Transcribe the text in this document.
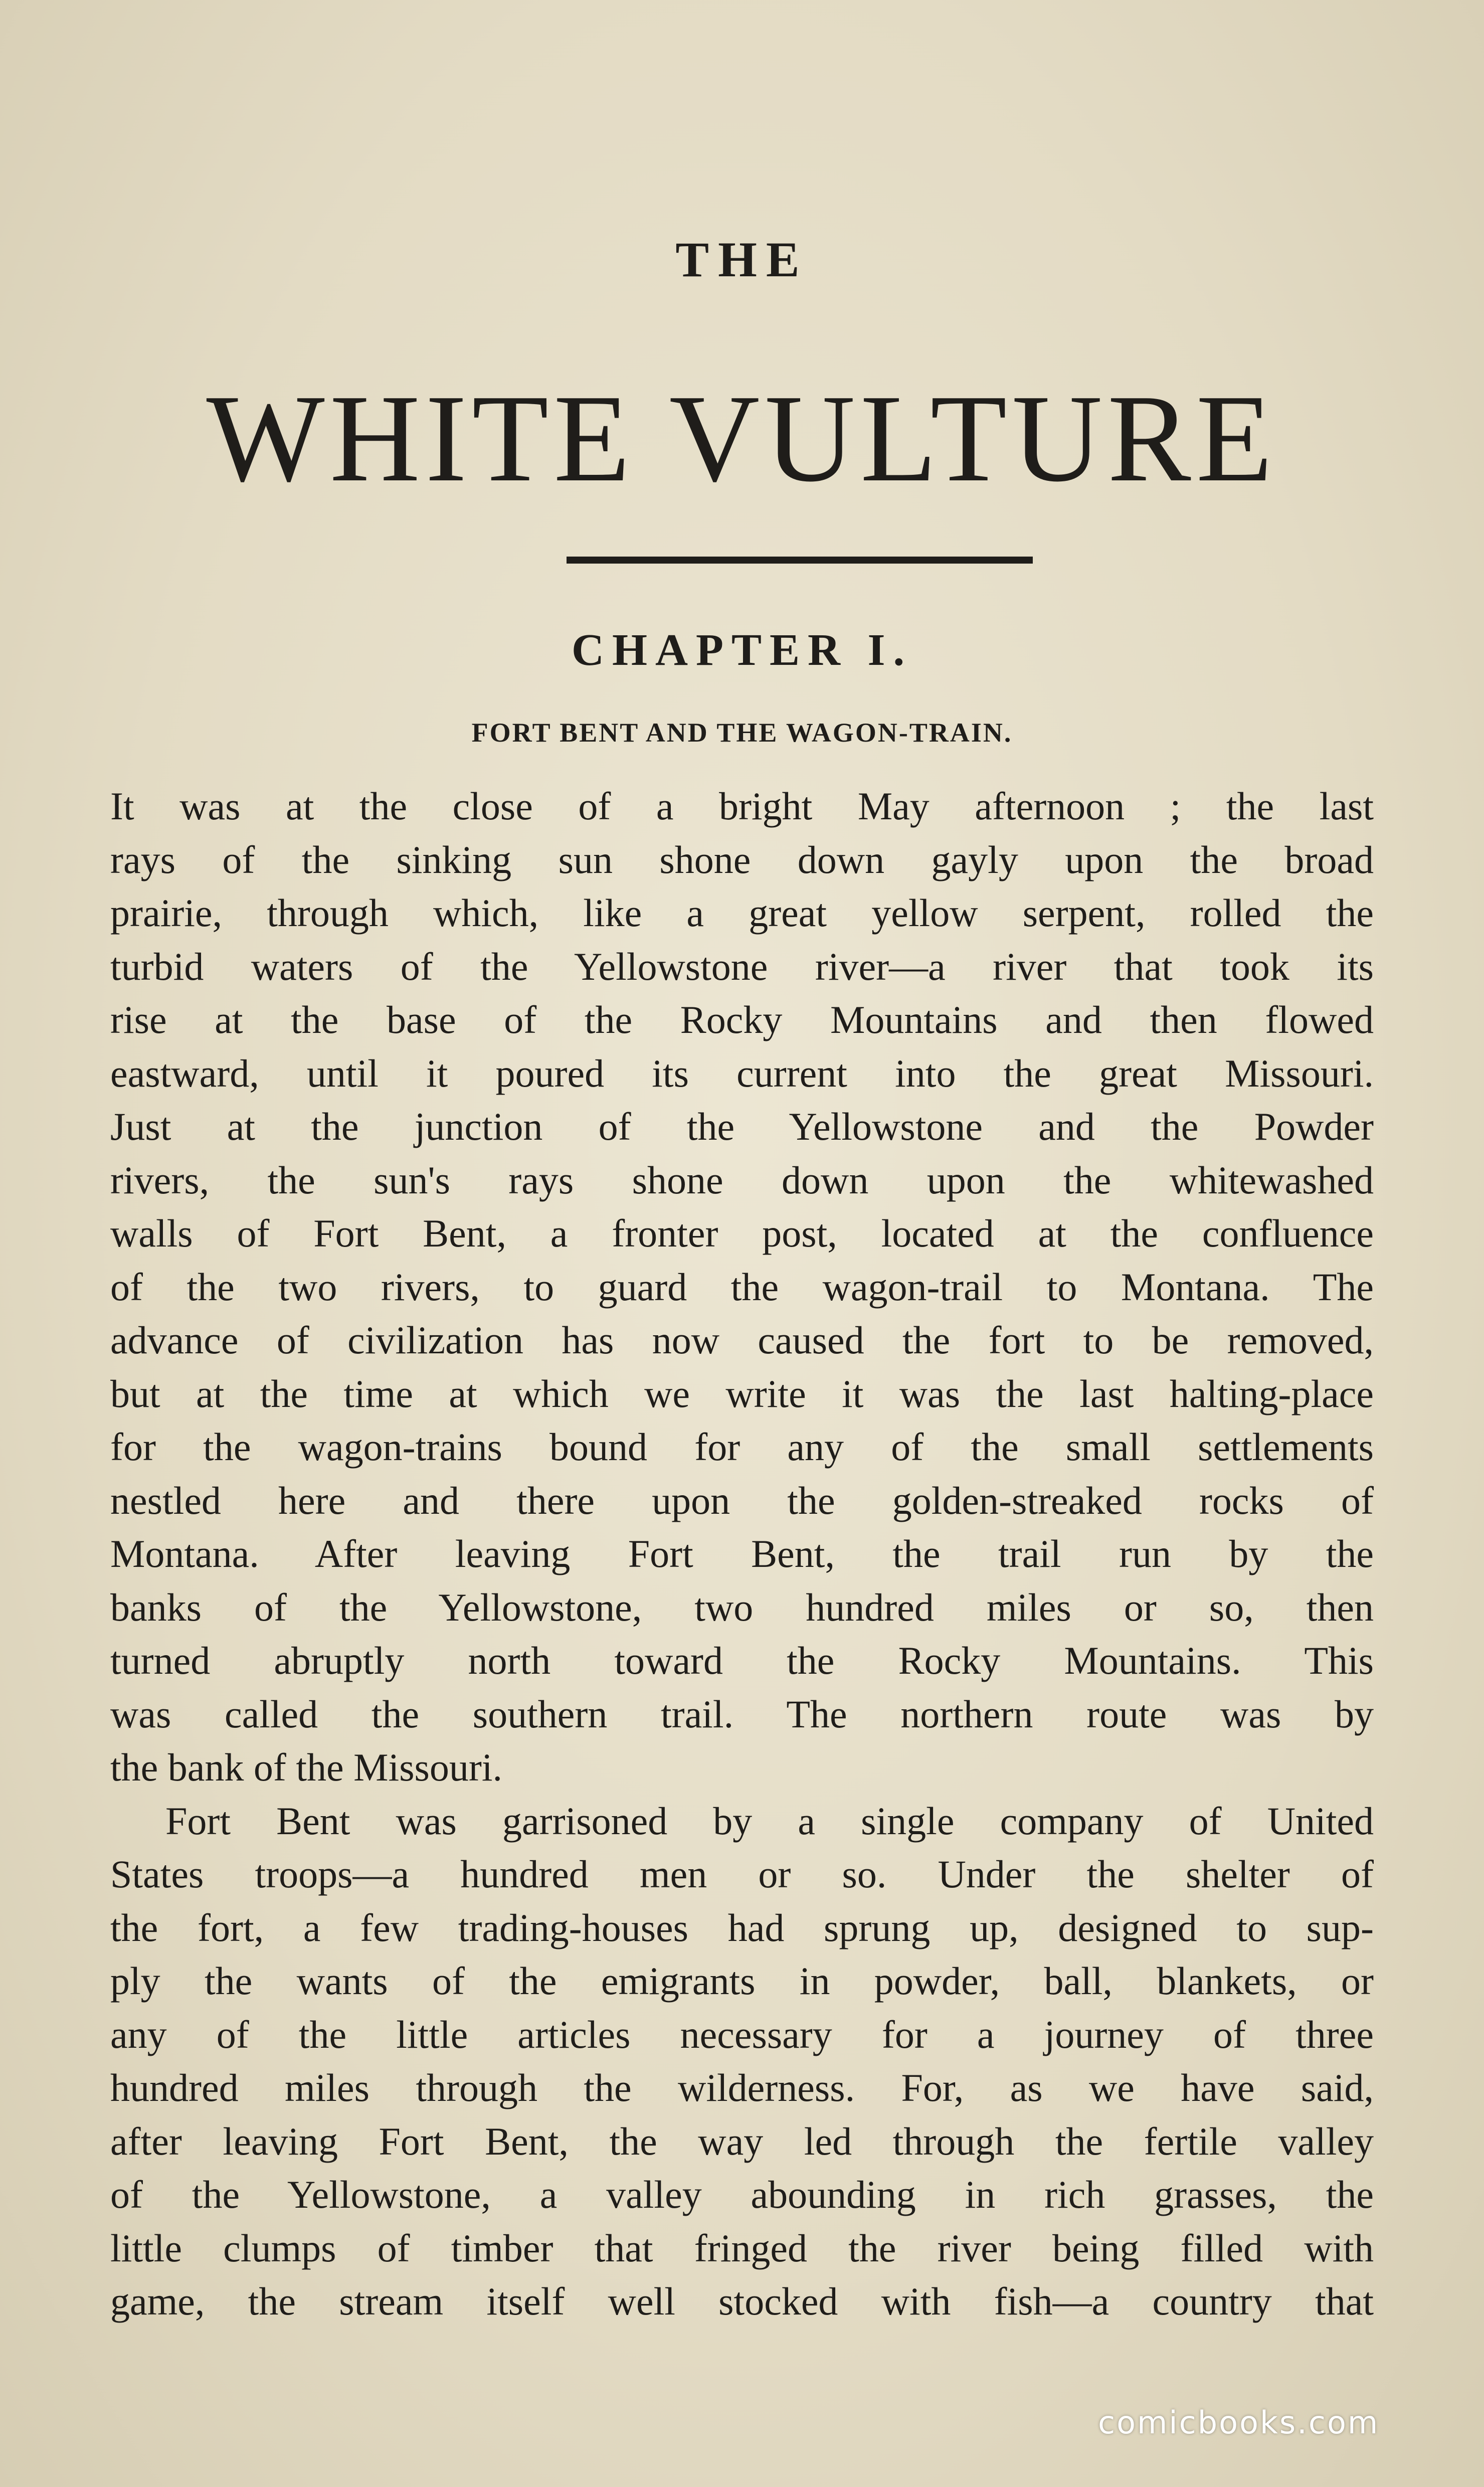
THE
WHITE VULTURE
CHAPTER I.
FORT BENT AND THE WAGON-TRAIN.
It was at the close of a bright May afternoon ; the last
rays of the sinking sun shone down gayly upon the broad
prairie, through which, like a great yellow serpent, rolled the
turbid waters of the Yellowstone river—a river that took its
rise at the base of the Rocky Mountains and then flowed
eastward, until it poured its current into the great Missouri.
Just at the junction of the Yellowstone and the Powder
rivers, the sun's rays shone down upon the whitewashed
walls of Fort Bent, a fronter post, located at the confluence
of the two rivers, to guard the wagon-trail to Montana. The
advance of civilization has now caused the fort to be removed,
but at the time at which we write it was the last halting-place
for the wagon-trains bound for any of the small settlements
nestled here and there upon the golden-streaked rocks of
Montana. After leaving Fort Bent, the trail run by the
banks of the Yellowstone, two hundred miles or so, then
turned abruptly north toward the Rocky Mountains. This
was called the southern trail. The northern route was by
the bank of the Missouri.
Fort Bent was garrisoned by a single company of United
States troops—a hundred men or so. Under the shelter of
the fort, a few trading-houses had sprung up, designed to sup-
ply the wants of the emigrants in powder, ball, blankets, or
any of the little articles necessary for a journey of three
hundred miles through the wilderness. For, as we have said,
after leaving Fort Bent, the way led through the fertile valley
of the Yellowstone, a valley abounding in rich grasses, the
little clumps of timber that fringed the river being filled with
game, the stream itself well stocked with fish—a country that
comicbooks.com
